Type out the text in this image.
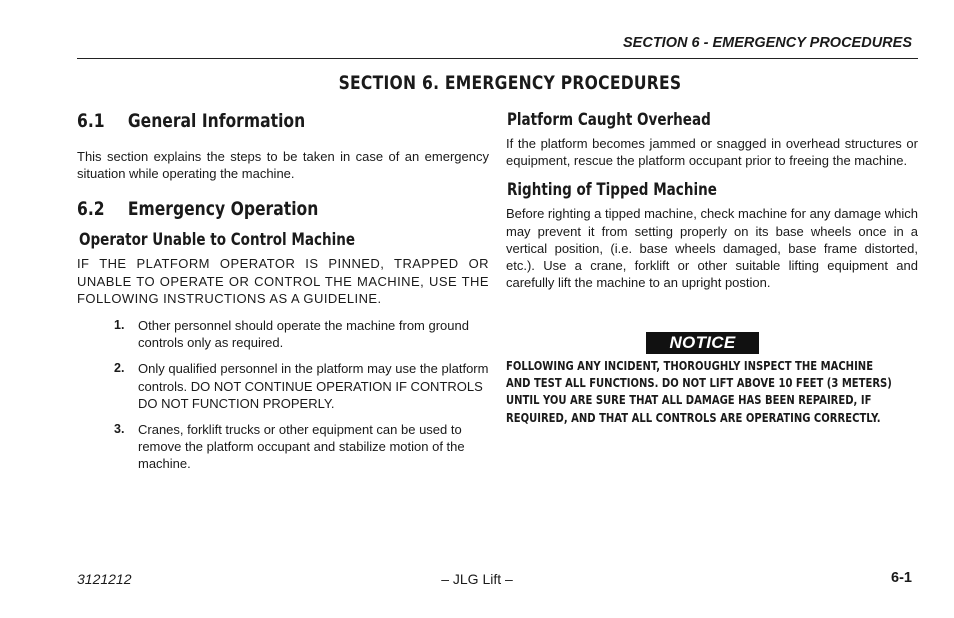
SECTION 6 - EMERGENCY PROCEDURES
SECTION 6. EMERGENCY PROCEDURES
6.1 General Information

This section explains the steps to be taken in case of an emergency situation while operating the machine.

6.2 Emergency Operation
Operator Unable to Control Machine

IF THE PLATFORM OPERATOR IS PINNED, TRAPPED OR UNABLE TO OPERATE OR CONTROL THE MACHINE, USE THE FOLLOWING INSTRUCTIONS AS A GUIDELINE.

1. Other personnel should operate the machine from ground controls only as required.
2. Only qualified personnel in the platform may use the platform controls. DO NOT CONTINUE OPERATION IF CONTROLS DO NOT FUNCTION PROPERLY.
3. Cranes, forklift trucks or other equipment can be used to remove the platform occupant and stabilize motion of the machine.
Platform Caught Overhead

If the platform becomes jammed or snagged in overhead structures or equipment, rescue the platform occupant prior to freeing the machine.

Righting of Tipped Machine

Before righting a tipped machine, check machine for any damage which may prevent it from setting properly on its base wheels once in a vertical position, (i.e. base wheels damaged, base frame distorted, etc.). Use a crane, forklift or other suitable lifting equipment and carefully lift the machine to an upright postion.

NOTICE
FOLLOWING ANY INCIDENT, THOROUGHLY INSPECT THE MACHINE
AND TEST ALL FUNCTIONS. DO NOT LIFT ABOVE 10 FEET (3 METERS)
UNTIL YOU ARE SURE THAT ALL DAMAGE HAS BEEN REPAIRED, IF
REQUIRED, AND THAT ALL CONTROLS ARE OPERATING CORRECTLY.
3121212	– JLG Lift –	6-1
